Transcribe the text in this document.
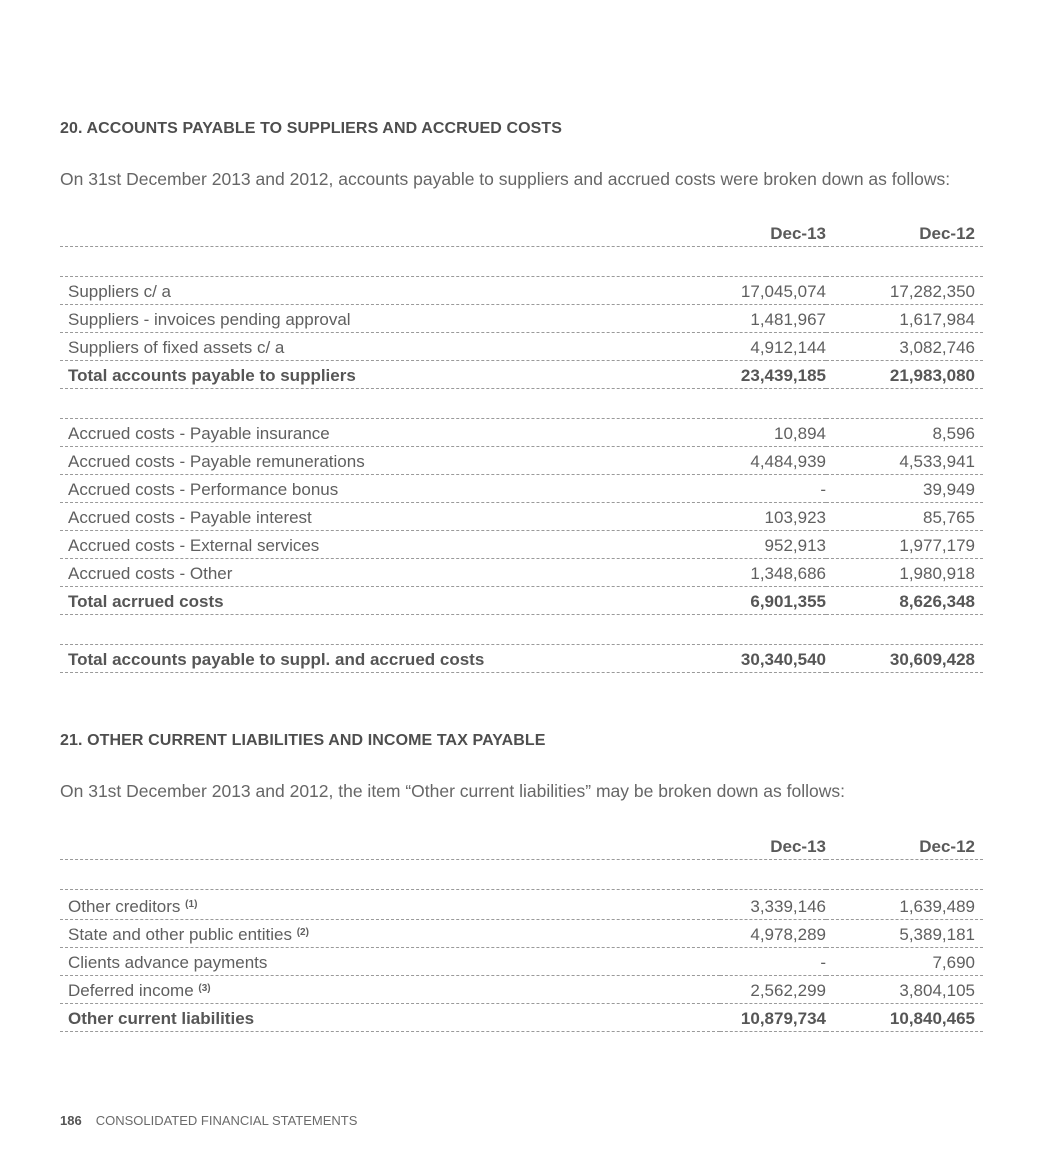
20. ACCOUNTS PAYABLE TO SUPPLIERS AND ACCRUED COSTS
On 31st December 2013 and 2012, accounts payable to suppliers and accrued costs were broken down as follows:
	Dec-13	Dec-12

Suppliers c/ a	17,045,074	17,282,350
Suppliers - invoices pending approval	1,481,967	1,617,984
Suppliers of fixed assets c/ a	4,912,144	3,082,746
Total accounts payable to suppliers	23,439,185	21,983,080

Accrued costs - Payable insurance	10,894	8,596
Accrued costs - Payable remunerations	4,484,939	4,533,941
Accrued costs - Performance bonus	-	39,949
Accrued costs - Payable interest	103,923	85,765
Accrued costs - External services	952,913	1,977,179
Accrued costs - Other	1,348,686	1,980,918
Total acrrued costs	6,901,355	8,626,348

Total accounts payable to suppl. and accrued costs	30,340,540	30,609,428
21. OTHER CURRENT LIABILITIES AND INCOME TAX PAYABLE
On 31st December 2013 and 2012, the item “Other current liabilities” may be broken down as follows:
	Dec-13	Dec-12

Other creditors $^{(1)}$	3,339,146	1,639,489
State and other public entities $^{(2)}$	4,978,289	5,389,181
Clients advance payments	-	7,690
Deferred income $^{(3)}$	2,562,299	3,804,105
Other current liabilities	10,879,734	10,840,465
186 CONSOLIDATED FINANCIAL STATEMENTS
